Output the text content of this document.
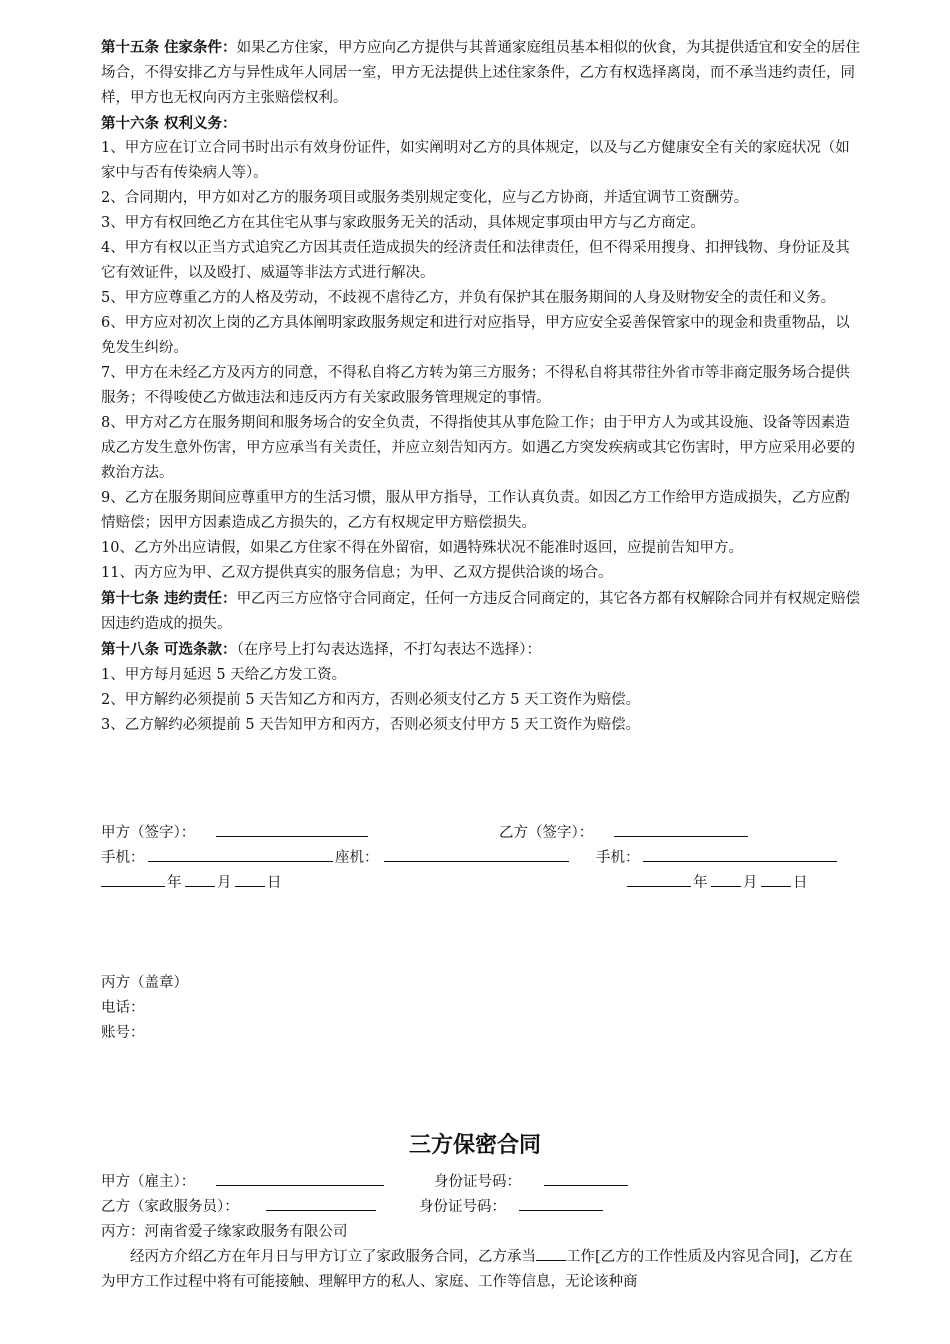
第十五条 住家条件：如果乙方住家，甲方应向乙方提供与其普通家庭组员基本相似的伙食，为其提供适宜和安全的居住场合，不得安排乙方与异性成年人同居一室，甲方无法提供上述住家条件，乙方有权选择离岗，而不承当违约责任，同样，甲方也无权向丙方主张赔偿权利。

第十六条 权利义务：

1、甲方应在订立合同书时出示有效身份证件，如实阐明对乙方的具体规定，以及与乙方健康安全有关的家庭状况（如家中与否有传染病人等）。

2、合同期内，甲方如对乙方的服务项目或服务类别规定变化，应与乙方协商，并适宜调节工资酬劳。

3、甲方有权回绝乙方在其住宅从事与家政服务无关的活动，具体规定事项由甲方与乙方商定。

4、甲方有权以正当方式追究乙方因其责任造成损失的经济责任和法律责任，但不得采用搜身、扣押钱物、身份证及其它有效证件，以及殴打、威逼等非法方式进行解决。

5、甲方应尊重乙方的人格及劳动，不歧视不虐待乙方，并负有保护其在服务期间的人身及财物安全的责任和义务。

6、甲方应对初次上岗的乙方具体阐明家政服务规定和进行对应指导，甲方应安全妥善保管家中的现金和贵重物品，以免发生纠纷。

7、甲方在未经乙方及丙方的同意，不得私自将乙方转为第三方服务；不得私自将其带往外省市等非商定服务场合提供服务；不得唆使乙方做违法和违反丙方有关家政服务管理规定的事情。

8、甲方对乙方在服务期间和服务场合的安全负责，不得指使其从事危险工作；由于甲方人为或其设施、设备等因素造成乙方发生意外伤害，甲方应承当有关责任，并应立刻告知丙方。如遇乙方突发疾病或其它伤害时，甲方应采用必要的救治方法。

9、乙方在服务期间应尊重甲方的生活习惯，服从甲方指导，工作认真负责。如因乙方工作给甲方造成损失，乙方应酌情赔偿；因甲方因素造成乙方损失的，乙方有权规定甲方赔偿损失。

10、乙方外出应请假，如果乙方住家不得在外留宿，如遇特殊状况不能准时返回，应提前告知甲方。

11、丙方应为甲、乙双方提供真实的服务信息；为甲、乙双方提供洽谈的场合。

第十七条 违约责任：甲乙丙三方应恪守合同商定，任何一方违反合同商定的，其它各方都有权解除合同并有权规定赔偿因违约造成的损失。

第十八条 可选条款：（在序号上打勾表达选择，不打勾表达不选择）：

1、甲方每月延迟 5 天给乙方发工资。

2、甲方解约必须提前 5 天告知乙方和丙方，否则必须支付乙方 5 天工资作为赔偿。

3、乙方解约必须提前 5 天告知甲方和丙方，否则必须支付甲方 5 天工资作为赔偿。

甲方（签字）：	乙方（签字）：
手机：	座机：	手机：
年 月 日	年 月 日
丙方（盖章）
电话：
账号：
三方保密合同
甲方（雇主）：	身份证号码：
乙方（家政服务员）：	身份证号码：
丙方：河南省爱子缘家政服务有限公司

经丙方介绍乙方在年月日与甲方订立了家政服务合同，乙方承当 工作[乙方的工作性质及内容见合同]，乙方在为甲方工作过程中将有可能接触、理解甲方的私人、家庭、工作等信息，无论该种商
